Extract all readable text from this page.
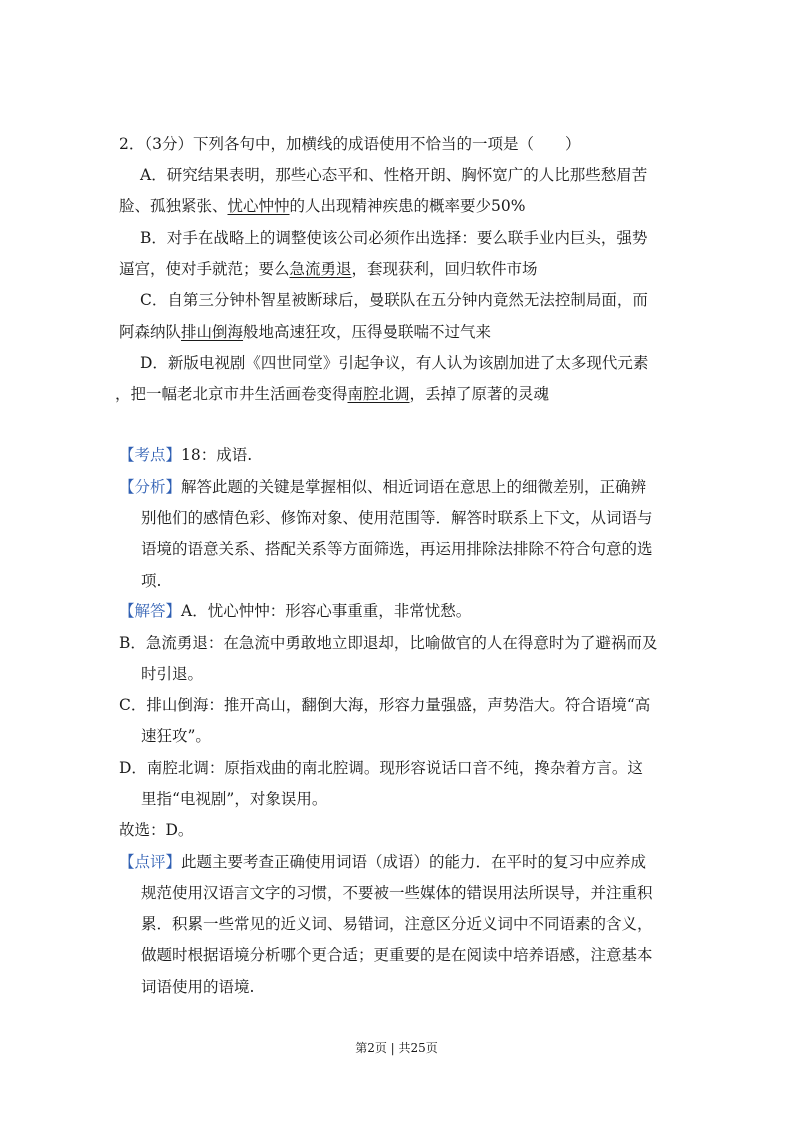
2．（3分）下列各句中，加横线的成语使用不恰当的一项是（　　）
A．研究结果表明，那些心态平和、性格开朗、胸怀宽广的人比那些愁眉苦
脸、孤独紧张、忧心忡忡的人出现精神疾患的概率要少50%
B．对手在战略上的调整使该公司必须作出选择：要么联手业内巨头，强势
逼宫，使对手就范；要么急流勇退，套现获利，回归软件市场
C．自第三分钟朴智星被断球后，曼联队在五分钟内竟然无法控制局面，而
阿森纳队排山倒海般地高速狂攻，压得曼联喘不过气来
D．新版电视剧《四世同堂》引起争议，有人认为该剧加进了太多现代元素
，把一幅老北京市井生活画卷变得南腔北调，丢掉了原著的灵魂
【考点】18：成语.
【分析】解答此题的关键是掌握相似、相近词语在意思上的细微差别，正确辨
别他们的感情色彩、修饰对象、使用范围等．解答时联系上下文，从词语与
语境的语意关系、搭配关系等方面筛选，再运用排除法排除不符合句意的选
项.
【解答】A．忧心忡忡：形容心事重重，非常忧愁。
B．急流勇退：在急流中勇敢地立即退却，比喻做官的人在得意时为了避祸而及
时引退。
C．排山倒海：推开高山，翻倒大海，形容力量强盛，声势浩大。符合语境“高
速狂攻”。
D．南腔北调：原指戏曲的南北腔调。现形容说话口音不纯，搀杂着方言。这
里指“电视剧”，对象误用。
故选：D。
【点评】此题主要考查正确使用词语（成语）的能力．在平时的复习中应养成
规范使用汉语言文字的习惯，不要被一些媒体的错误用法所误导，并注重积
累．积累一些常见的近义词、易错词，注意区分近义词中不同语素的含义，
做题时根据语境分析哪个更合适；更重要的是在阅读中培养语感，注意基本
词语使用的语境.
第2页 | 共25页
